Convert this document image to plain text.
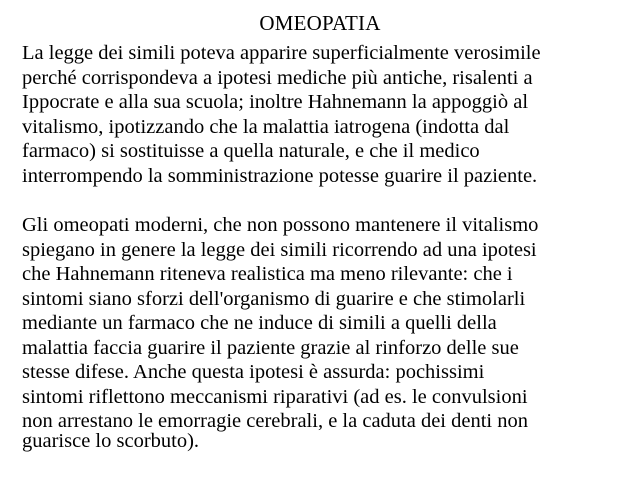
OMEOPATIA
La legge dei simili poteva apparire superficialmente verosimile
perché corrispondeva a ipotesi mediche più antiche, risalenti a
Ippocrate e alla sua scuola; inoltre Hahnemann la appoggiò al
vitalismo, ipotizzando che la malattia iatrogena (indotta dal
farmaco) si sostituisse a quella naturale, e che il medico
interrompendo la somministrazione potesse guarire il paziente.
Gli omeopati moderni, che non possono mantenere il vitalismo
spiegano in genere la legge dei simili ricorrendo ad una ipotesi
che Hahnemann riteneva realistica ma meno rilevante: che i
sintomi siano sforzi dell'organismo di guarire e che stimolarli
mediante un farmaco che ne induce di simili a quelli della
malattia faccia guarire il paziente grazie al rinforzo delle sue
stesse difese. Anche questa ipotesi è assurda: pochissimi
sintomi riflettono meccanismi riparativi (ad es. le convulsioni
non arrestano le emorragie cerebrali, e la caduta dei denti non
guarisce lo scorbuto).
